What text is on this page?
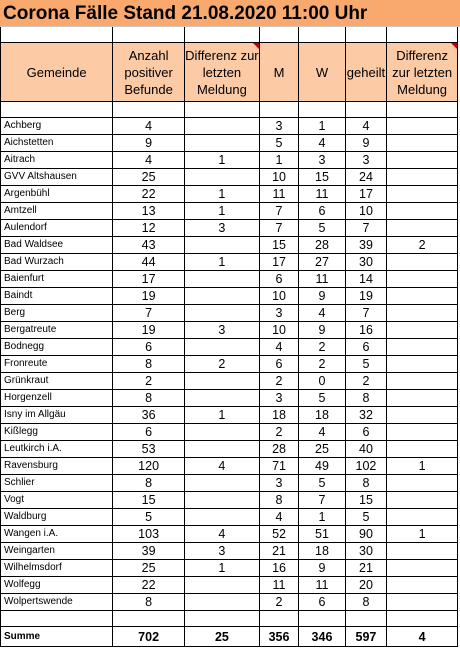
Corona Fälle Stand 21.08.2020 11:00 Uhr

Gemeinde	Anzahl positiver Befunde	Differenz zur letzten Meldung	M	W	geheilt	Differenz zur letzten Meldung

Achberg	4		3	1	4	
Aichstetten	9		5	4	9	
Aitrach	4	1	1	3	3	
GVV Altshausen	25		10	15	24	
Argenbühl	22	1	11	11	17	
Amtzell	13	1	7	6	10	
Aulendorf	12	3	7	5	7	
Bad Waldsee	43		15	28	39	2
Bad Wurzach	44	1	17	27	30	
Baienfurt	17		6	11	14	
Baindt	19		10	9	19	
Berg	7		3	4	7	
Bergatreute	19	3	10	9	16	
Bodnegg	6		4	2	6	
Fronreute	8	2	6	2	5	
Grünkraut	2		2	0	2	
Horgenzell	8		3	5	8	
Isny im Allgäu	36	1	18	18	32	
Kißlegg	6		2	4	6	
Leutkirch i.A.	53		28	25	40	
Ravensburg	120	4	71	49	102	1
Schlier	8		3	5	8	
Vogt	15		8	7	15	
Waldburg	5		4	1	5	
Wangen i.A.	103	4	52	51	90	1
Weingarten	39	3	21	18	30	
Wilhelmsdorf	25	1	16	9	21	
Wolfegg	22		11	11	20	
Wolpertswende	8		2	6	8	

Summe	702	25	356	346	597	4
